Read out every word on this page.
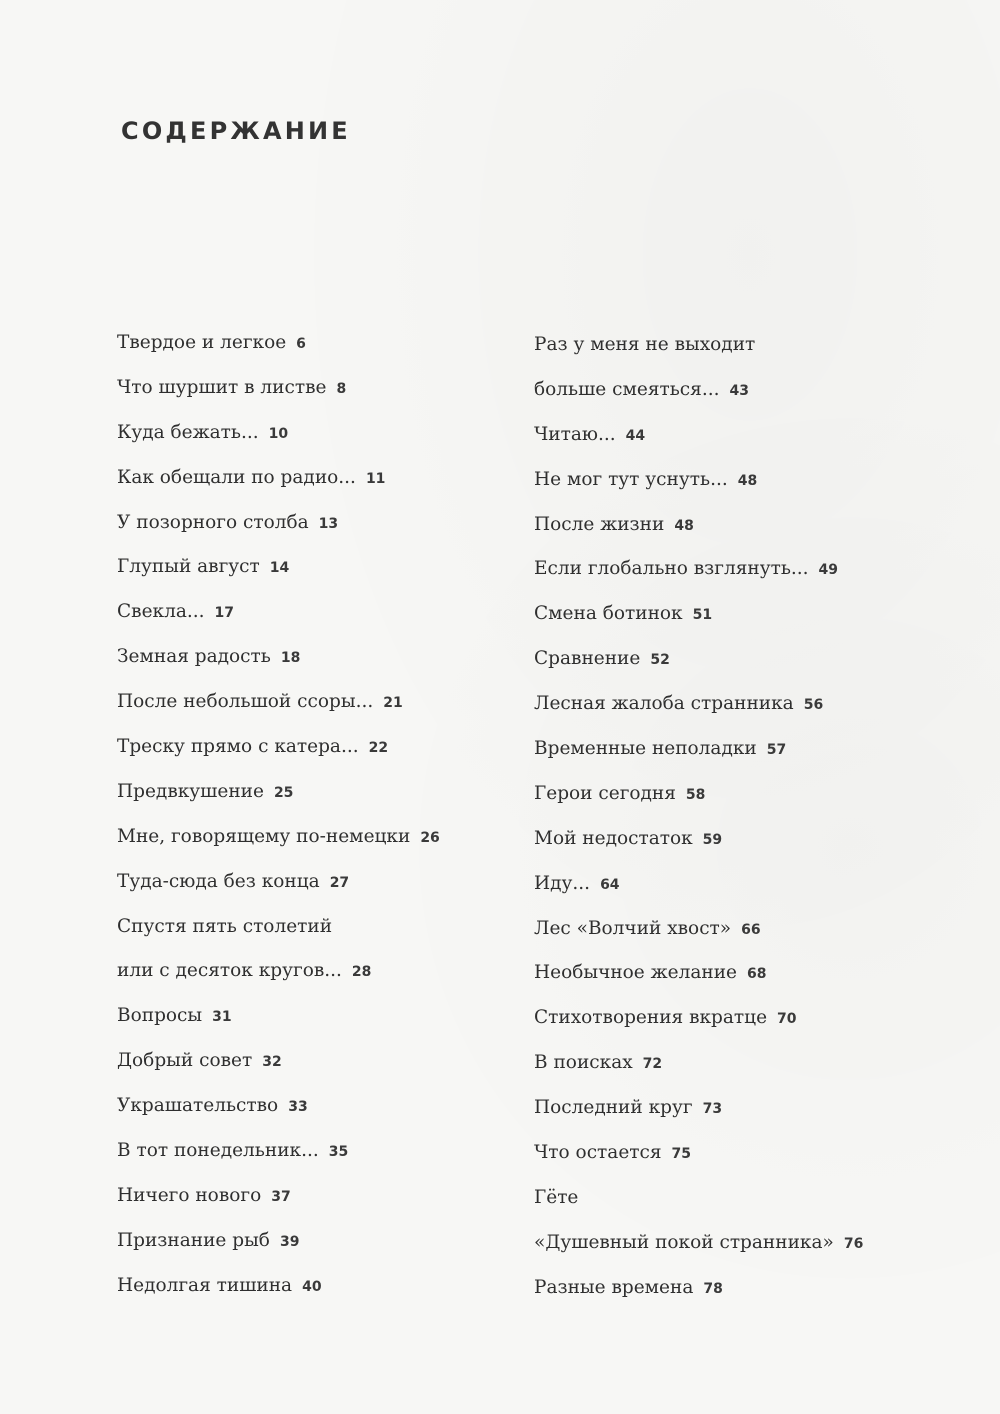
СОДЕРЖАНИЕ
Твердое и легкое 6
Что шуршит в листве 8
Куда бежать... 10
Как обещали по радио... 11
У позорного столба 13
Глупый август 14
Свекла... 17
Земная радость 18
После небольшой ссоры... 21
Треску прямо с катера... 22
Предвкушение 25
Мне, говорящему по-немецки 26
Туда-сюда без конца 27
Спустя пять столетий
или с десяток кругов... 28
Вопросы 31
Добрый совет 32
Украшательство 33
В тот понедельник... 35
Ничего нового 37
Признание рыб 39
Недолгая тишина 40
Раз у меня не выходит
больше смеяться... 43
Читаю... 44
Не мог тут уснуть... 48
После жизни 48
Если глобально взглянуть... 49
Смена ботинок 51
Сравнение 52
Лесная жалоба странника 56
Временные неполадки 57
Герои сегодня 58
Мой недостаток 59
Иду... 64
Лес «Волчий хвост» 66
Необычное желание 68
Стихотворения вкратце 70
В поисках 72
Последний круг 73
Что остается 75
Гёте
«Душевный покой странника» 76
Разные времена 78
